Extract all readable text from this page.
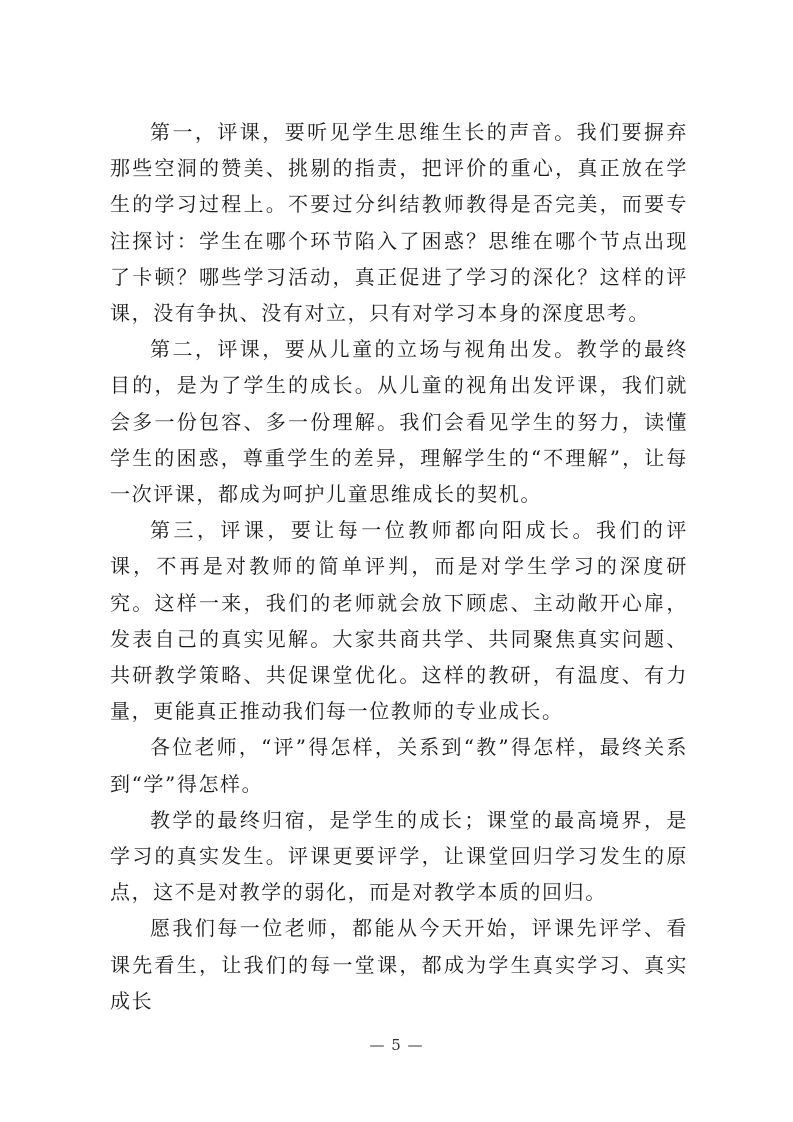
第一，评课，要听见学生思维生长的声音。我们要摒弃那些空洞的赞美、挑剔的指责，把评价的重心，真正放在学生的学习过程上。不要过分纠结教师教得是否完美，而要专注探讨：学生在哪个环节陷入了困惑？思维在哪个节点出现了卡顿？哪些学习活动，真正促进了学习的深化？这样的评课，没有争执、没有对立，只有对学习本身的深度思考。

第二，评课，要从儿童的立场与视角出发。教学的最终目的，是为了学生的成长。从儿童的视角出发评课，我们就会多一份包容、多一份理解。我们会看见学生的努力，读懂学生的困惑，尊重学生的差异，理解学生的“不理解”，让每一次评课，都成为呵护儿童思维成长的契机。

第三，评课，要让每一位教师都向阳成长。我们的评课，不再是对教师的简单评判，而是对学生学习的深度研究。这样一来，我们的老师就会放下顾虑、主动敞开心扉，发表自己的真实见解。大家共商共学、共同聚焦真实问题、共研教学策略、共促课堂优化。这样的教研，有温度、有力量，更能真正推动我们每一位教师的专业成长。

各位老师，“评”得怎样，关系到“教”得怎样，最终关系到“学”得怎样。

教学的最终归宿，是学生的成长；课堂的最高境界，是学习的真实发生。评课更要评学，让课堂回归学习发生的原点，这不是对教学的弱化，而是对教学本质的回归。

愿我们每一位老师，都能从今天开始，评课先评学、看课先看生，让我们的每一堂课，都成为学生真实学习、真实成长

— 5 —
